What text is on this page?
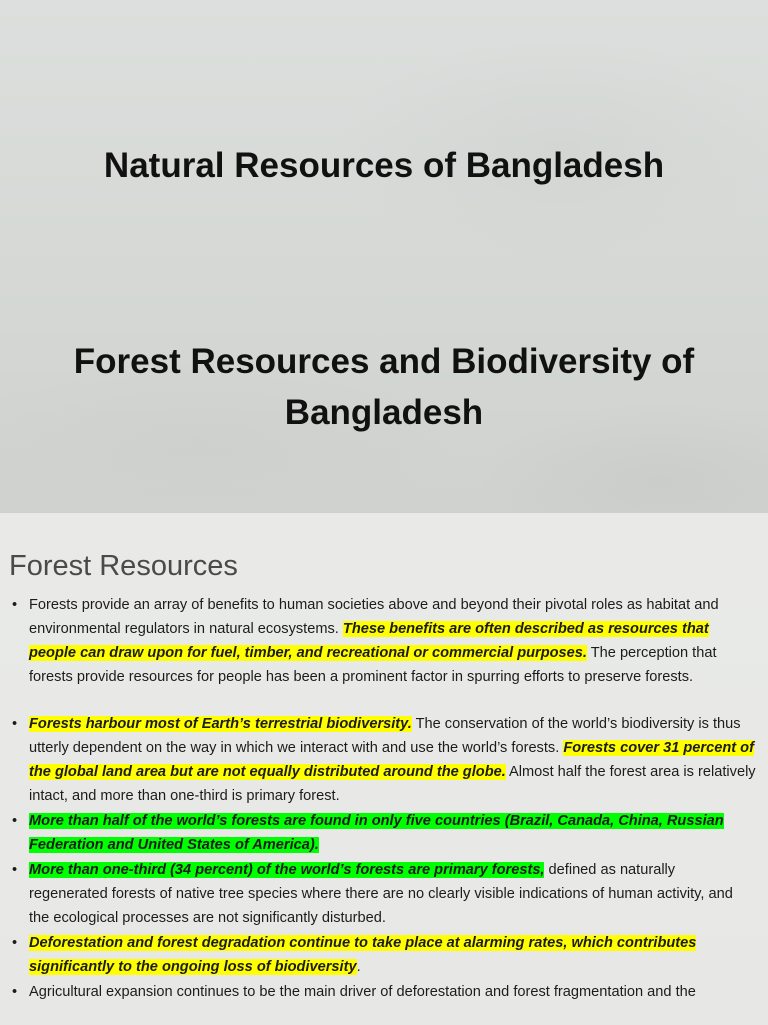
Natural Resources of Bangladesh
Forest Resources and Biodiversity of
Bangladesh
Forest Resources
• Forests provide an array of benefits to human societies above and beyond their pivotal roles as habitat and environmental regulators in natural ecosystems. These benefits are often described as resources that people can draw upon for fuel, timber, and recreational or commercial purposes. The perception that forests provide resources for people has been a prominent factor in spurring efforts to preserve forests.
• Forests harbour most of Earth’s terrestrial biodiversity. The conservation of the world’s biodiversity is thus utterly dependent on the way in which we interact with and use the world’s forests. Forests cover 31 percent of the global land area but are not equally distributed around the globe. Almost half the forest area is relatively intact, and more than one-third is primary forest.
• More than half of the world’s forests are found in only five countries (Brazil, Canada, China, Russian Federation and United States of America).
• More than one-third (34 percent) of the world’s forests are primary forests, defined as naturally regenerated forests of native tree species where there are no clearly visible indications of human activity, and the ecological processes are not significantly disturbed.
• Deforestation and forest degradation continue to take place at alarming rates, which contributes significantly to the ongoing loss of biodiversity.
• Agricultural expansion continues to be the main driver of deforestation and forest fragmentation and the
